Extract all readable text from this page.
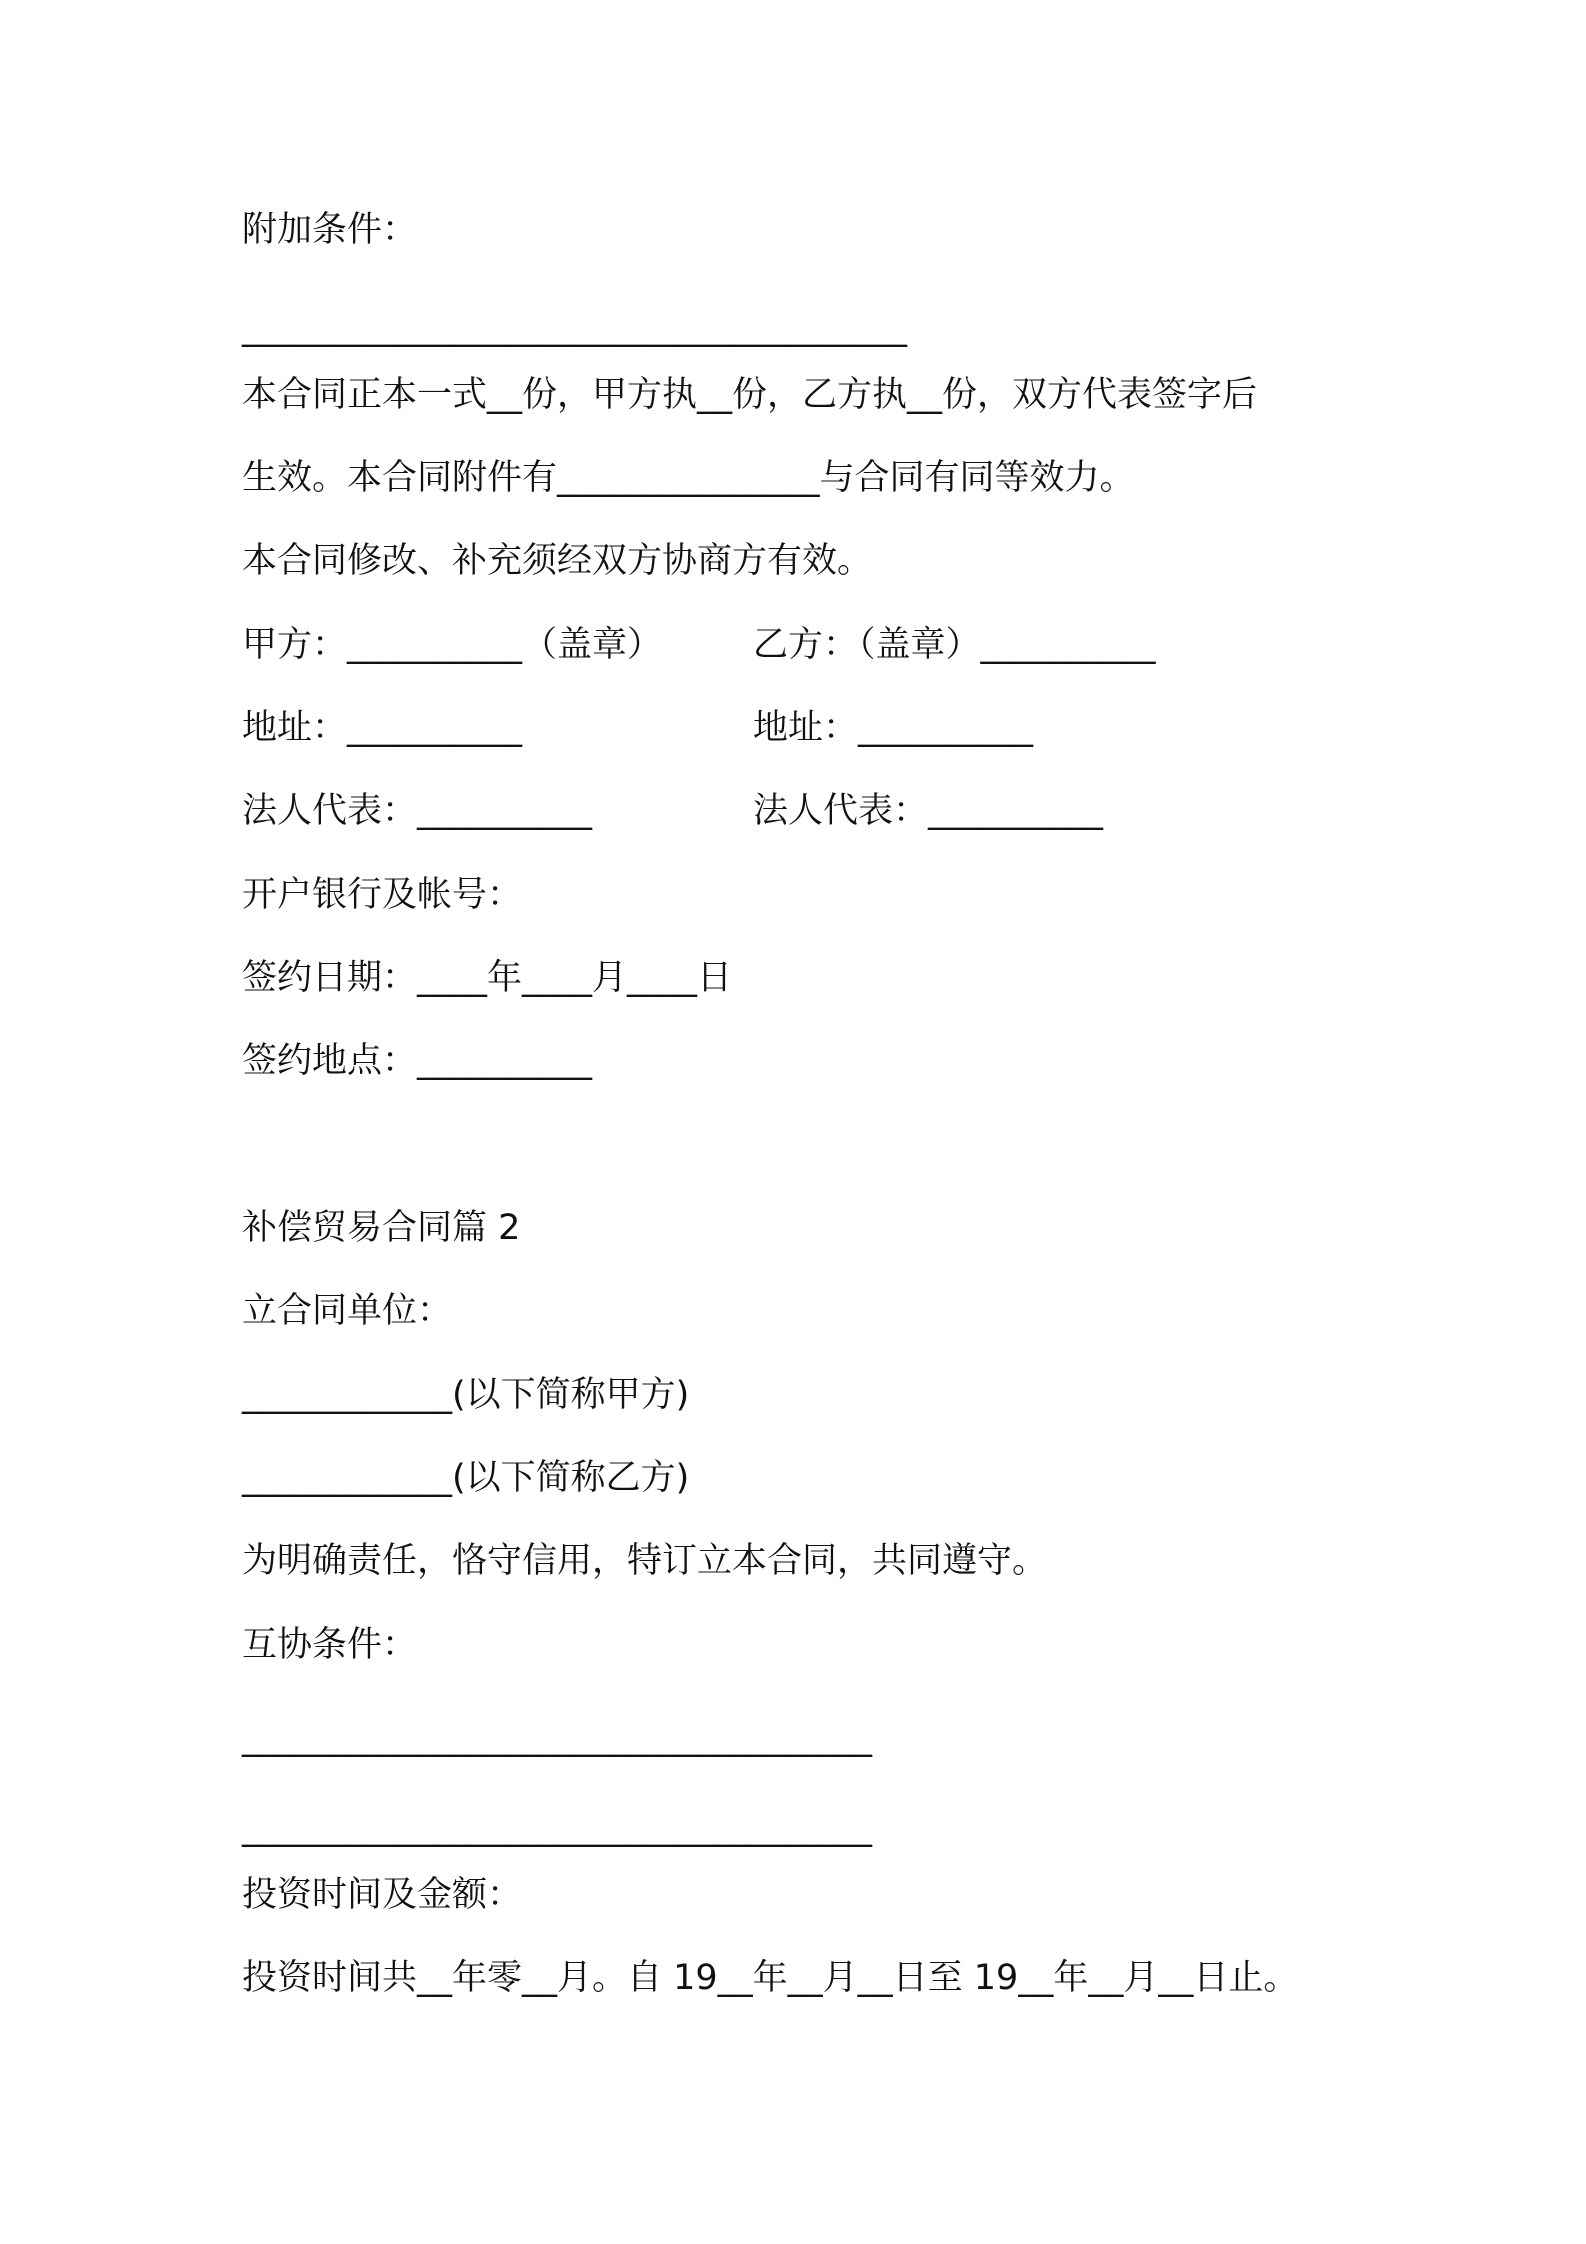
附加条件：
______________________________________
本合同正本一式__份，甲方执__份，乙方执__份，双方代表签字后
生效。本合同附件有_______________与合同有同等效力。
本合同修改、补充须经双方协商方有效。
甲方：__________（盖章）	乙方：（盖章）__________
地址：__________	地址：__________
法人代表：__________	法人代表：__________
开户银行及帐号：
签约日期：____年____月____日
签约地点：__________
补偿贸易合同篇 2
立合同单位：
____________(以下简称甲方)
____________(以下简称乙方)
为明确责任，恪守信用，特订立本合同，共同遵守。
互协条件：
____________________________________
____________________________________
投资时间及金额：
投资时间共__年零__月。自 19__年__月__日至 19__年__月__日止。
